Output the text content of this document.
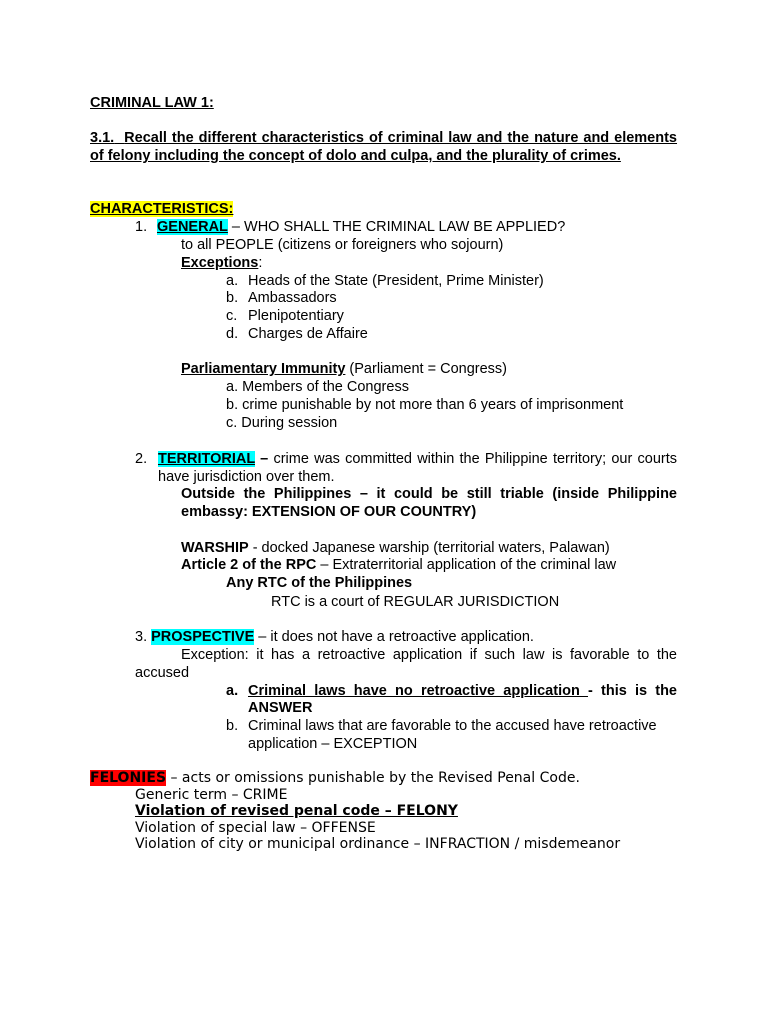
CRIMINAL LAW 1:
3.1. Recall the different characteristics of criminal law and the nature and elements of felony including the concept of dolo and culpa, and the plurality of crimes.
CHARACTERISTICS:
1. GENERAL – WHO SHALL THE CRIMINAL LAW BE APPLIED?
to all PEOPLE (citizens or foreigners who sojourn)
Exceptions:
a. Heads of the State (President, Prime Minister)
b. Ambassadors
c. Plenipotentiary
d. Charges de Affaire
Parliamentary Immunity (Parliament = Congress)
a. Members of the Congress
b. crime punishable by not more than 6 years of imprisonment
c. During session
2. TERRITORIAL – crime was committed within the Philippine territory; our courts have jurisdiction over them.
Outside the Philippines – it could be still triable (inside Philippine embassy: EXTENSION OF OUR COUNTRY)
WARSHIP - docked Japanese warship (territorial waters, Palawan)
Article 2 of the RPC – Extraterritorial application of the criminal law
Any RTC of the Philippines
RTC is a court of REGULAR JURISDICTION
3. PROSPECTIVE – it does not have a retroactive application.
Exception: it has a retroactive application if such law is favorable to the
accused
a. Criminal laws have no retroactive application - this is the
ANSWER
b. Criminal laws that are favorable to the accused have retroactive
application – EXCEPTION
FELONIES – acts or omissions punishable by the Revised Penal Code.
Generic term – CRIME
Violation of revised penal code – FELONY
Violation of special law – OFFENSE
Violation of city or municipal ordinance – INFRACTION / misdemeanor
